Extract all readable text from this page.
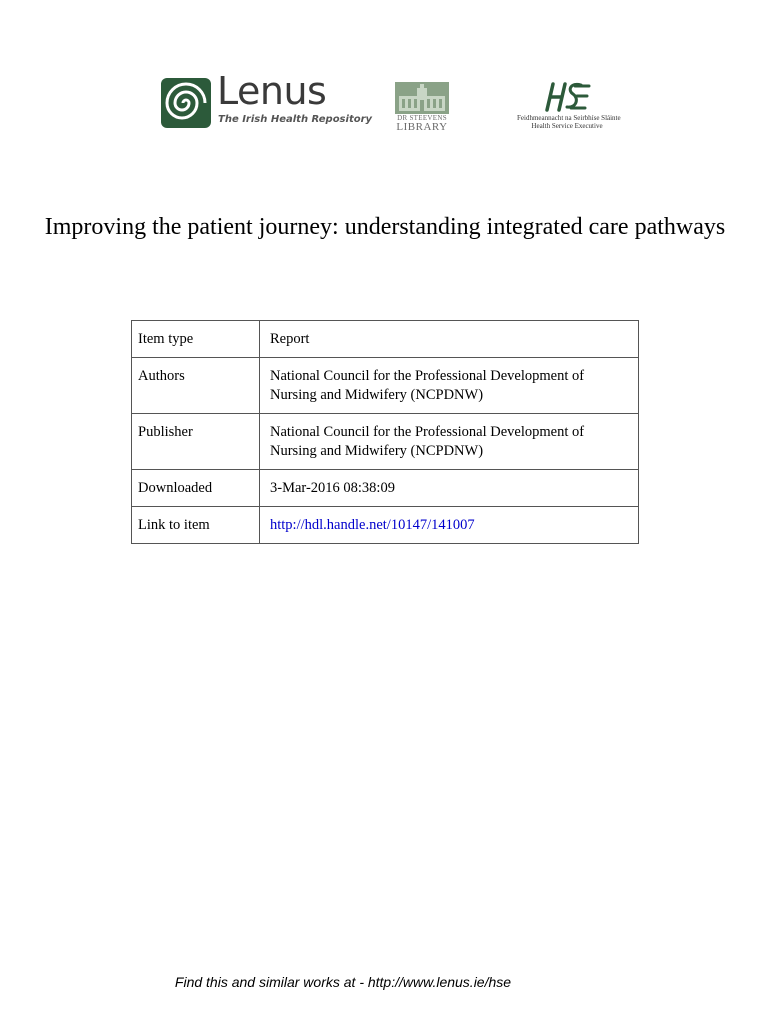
Lenus
The Irish Health Repository	DR STEEVENS
LIBRARY
Feidhmeannacht na Seirbhíse Sláinte
Health Service Executive
Improving the patient journey: understanding integrated care pathways
Item type	Report
Authors	National Council for the Professional Development of Nursing and Midwifery (NCPDNW)
Publisher	National Council for the Professional Development of Nursing and Midwifery (NCPDNW)
Downloaded	3-Mar-2016 08:38:09
Link to item	http://hdl.handle.net/10147/141007
Find this and similar works at - http://www.lenus.ie/hse
